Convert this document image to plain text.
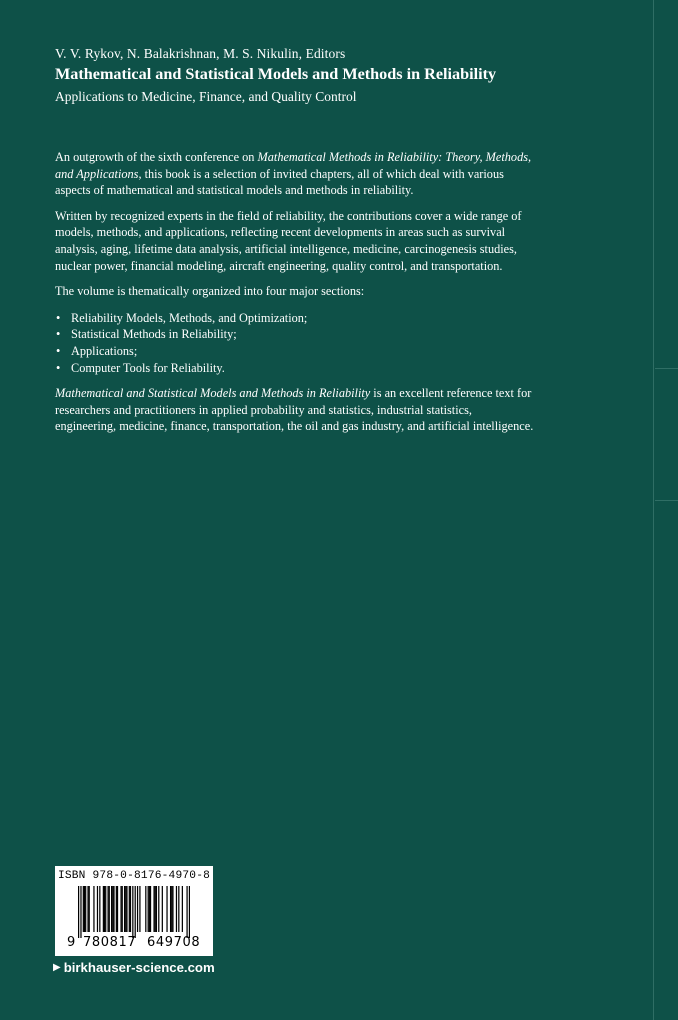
V. V. Rykov, N. Balakrishnan, M. S. Nikulin, Editors
Mathematical and Statistical Models and Methods in Reliability
Applications to Medicine, Finance, and Quality Control

An outgrowth of the sixth conference on Mathematical Methods in Reliability: Theory, Methods, and Applications, this book is a selection of invited chapters, all of which deal with various aspects of mathematical and statistical models and methods in reliability.

Written by recognized experts in the field of reliability, the contributions cover a wide range of models, methods, and applications, reflecting recent developments in areas such as survival analysis, aging, lifetime data analysis, artificial intelligence, medicine, carcinogenesis studies, nuclear power, financial modeling, aircraft engineering, quality control, and transportation.

The volume is thematically organized into four major sections:

• Reliability Models, Methods, and Optimization;
• Statistical Methods in Reliability;
• Applications;
• Computer Tools for Reliability.

Mathematical and Statistical Models and Methods in Reliability is an excellent reference text for researchers and practitioners in applied probability and statistics, industrial statistics, engineering, medicine, finance, transportation, the oil and gas industry, and artificial intelligence.

ISBN 978-0-8176-4970-8
9 780817 649708
▶ birkhauser-science.com
